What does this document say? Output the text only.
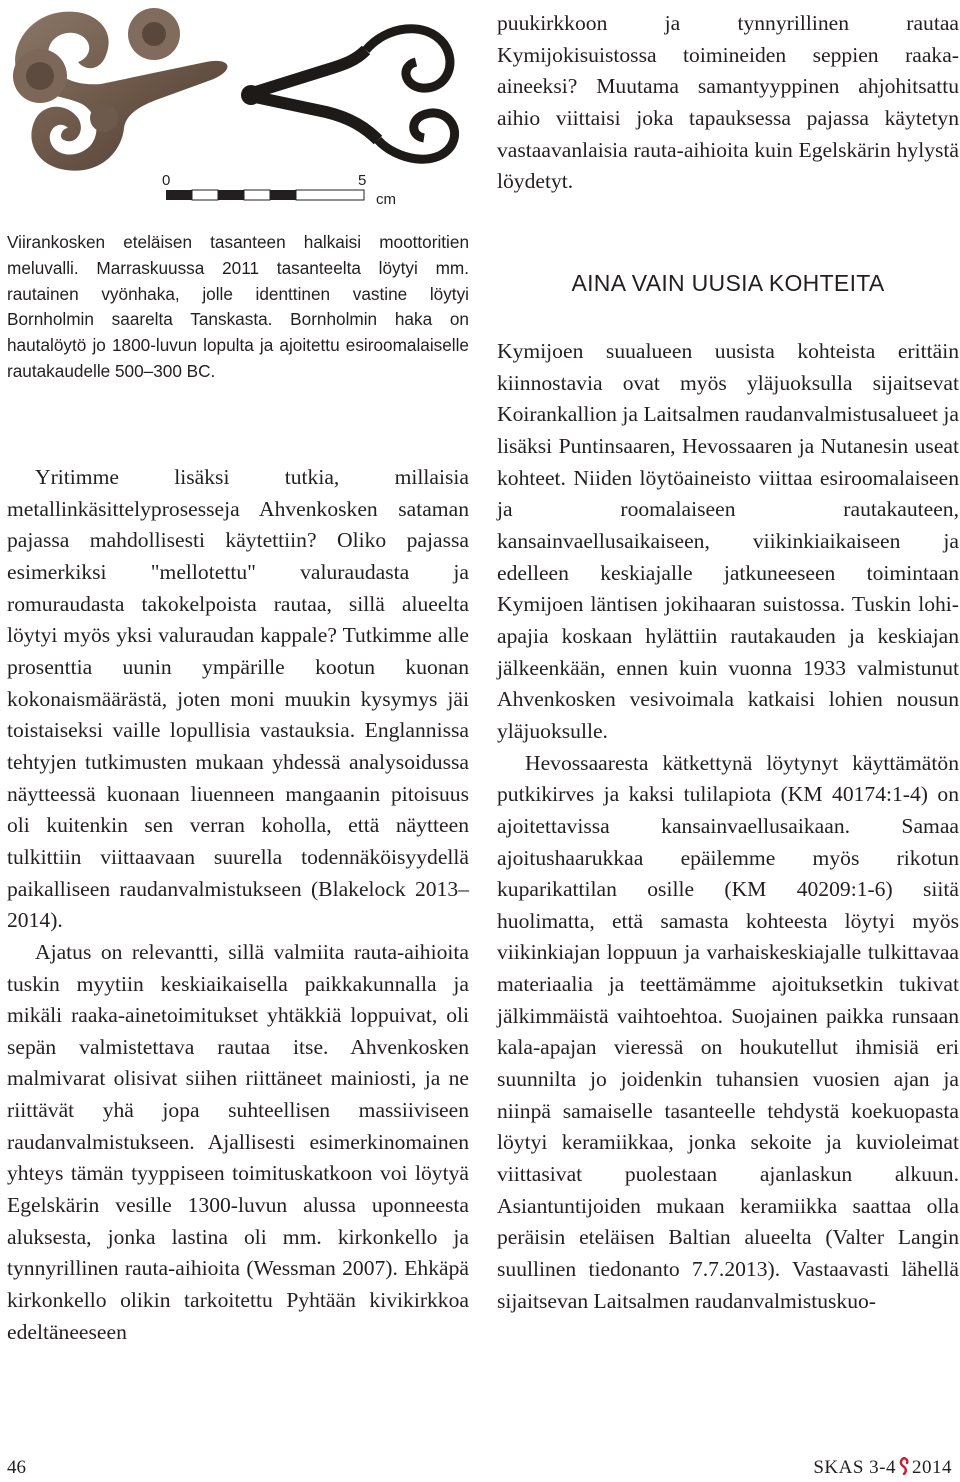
0	5
cm
Viirankosken eteläisen tasanteen halkaisi moottoritien meluvalli. Marraskuussa 2011 tasanteelta löytyi mm. rautainen vyönhaka, jolle identtinen vastine löytyi Bornholmin saarelta Tanskasta. Bornholmin haka on hautalöytö jo 1800-luvun lopulta ja ajoitettu esiroomalaiselle rautakaudelle 500–300 BC.

Yritimme lisäksi tutkia, millaisia metallinkäsittelyprosesseja Ahvenkosken sataman pajassa mahdollisesti käytettiin? Oliko pajassa esimerkiksi "mellotettu" valuraudasta ja romuraudasta takokelpoista rautaa, sillä alueelta löytyi myös yksi valuraudan kappale? Tutkimme alle prosenttia uunin ympärille kootun kuonan kokonaismäärästä, joten moni muukin kysymys jäi toistaiseksi vaille lopullisia vastauksia. Englannissa tehtyjen tutkimusten mukaan yhdessä analysoidussa näytteessä kuonaan liuenneen mangaanin pitoisuus oli kuitenkin sen verran koholla, että näytteen tulkittiin viittaavaan suurella todennäköisyydellä paikalliseen raudanvalmistukseen (Blakelock 2013–2014).

Ajatus on relevantti, sillä valmiita rauta-aihioita tuskin myytiin keskiaikaisella paikkakunnalla ja mikäli raaka-ainetoimitukset yhtäkkiä loppuivat, oli sepän valmistettava rautaa itse. Ahvenkosken malmivarat olisivat siihen riittäneet mainiosti, ja ne riittävät yhä jopa suhteellisen massiiviseen raudanvalmistukseen. Ajallisesti esimerkinomainen yhteys tämän tyyppiseen toimituskatkoon voi löytyä Egelskärin vesille 1300-luvun alussa uponneesta aluksesta, jonka lastina oli mm. kirkonkello ja tynnyrillinen rauta-aihioita (Wessman 2007). Ehkäpä kirkonkello olikin tarkoitettu Pyhtään kivikirkkoa edeltäneeseen

puukirkkoon ja tynnyrillinen rautaa Kymijokisuistossa toimineiden seppien raaka-aineeksi? Muutama samantyyppinen ahjohitsattu aihio viittaisi joka tapauksessa pajassa käytetyn vastaavanlaisia rauta-aihioita kuin Egelskärin hylystä löydetyt.

AINA VAIN UUSIA KOHTEITA

Kymijoen suualueen uusista kohteista erittäin kiinnostavia ovat myös yläjuoksulla sijaitsevat Koirankallion ja Laitsalmen raudanvalmistusalueet ja lisäksi Puntinsaaren, Hevossaaren ja Nutanesin useat kohteet. Niiden löytöaineisto viittaa esiroomalaiseen ja roomalaiseen rautakauteen, kansainvaellusaikaiseen, viikinkiaikaiseen ja edelleen keskiajalle jatkuneeseen toimintaan Kymijoen läntisen jokihaaran suistossa. Tuskin lohi-apajia koskaan hylättiin rautakauden ja keskiajan jälkeenkään, ennen kuin vuonna 1933 valmistunut Ahvenkosken vesivoimala katkaisi lohien nousun yläjuoksulle.

Hevossaaresta kätkettynä löytynyt käyttämätön putkikirves ja kaksi tulilapiota (KM 40174:1-4) on ajoitettavissa kansainvaellusaikaan. Samaa ajoitushaarukkaa epäilemme myös rikotun kuparikattilan osille (KM 40209:1-6) siitä huolimatta, että samasta kohteesta löytyi myös viikinkiajan loppuun ja varhaiskeskiajalle tulkittavaa materiaalia ja teettämämme ajoituksetkin tukivat jälkimmäistä vaihtoehtoa. Suojainen paikka runsaan kala-apajan vieressä on houkutellut ihmisiä eri suunnilta jo joidenkin tuhansien vuosien ajan ja niinpä samaiselle tasanteelle tehdystä koekuopasta löytyi keramiikkaa, jonka sekoite ja kuvioleimat viittasivat puolestaan ajanlaskun alkuun. Asiantuntijoiden mukaan keramiikka saattaa olla peräisin eteläisen Baltian alueelta (Valter Langin suullinen tiedonanto 7.7.2013). Vastaavasti lähellä sijaitsevan Laitsalmen raudanvalmistuskuo-

46	SKAS 3-4 2014
